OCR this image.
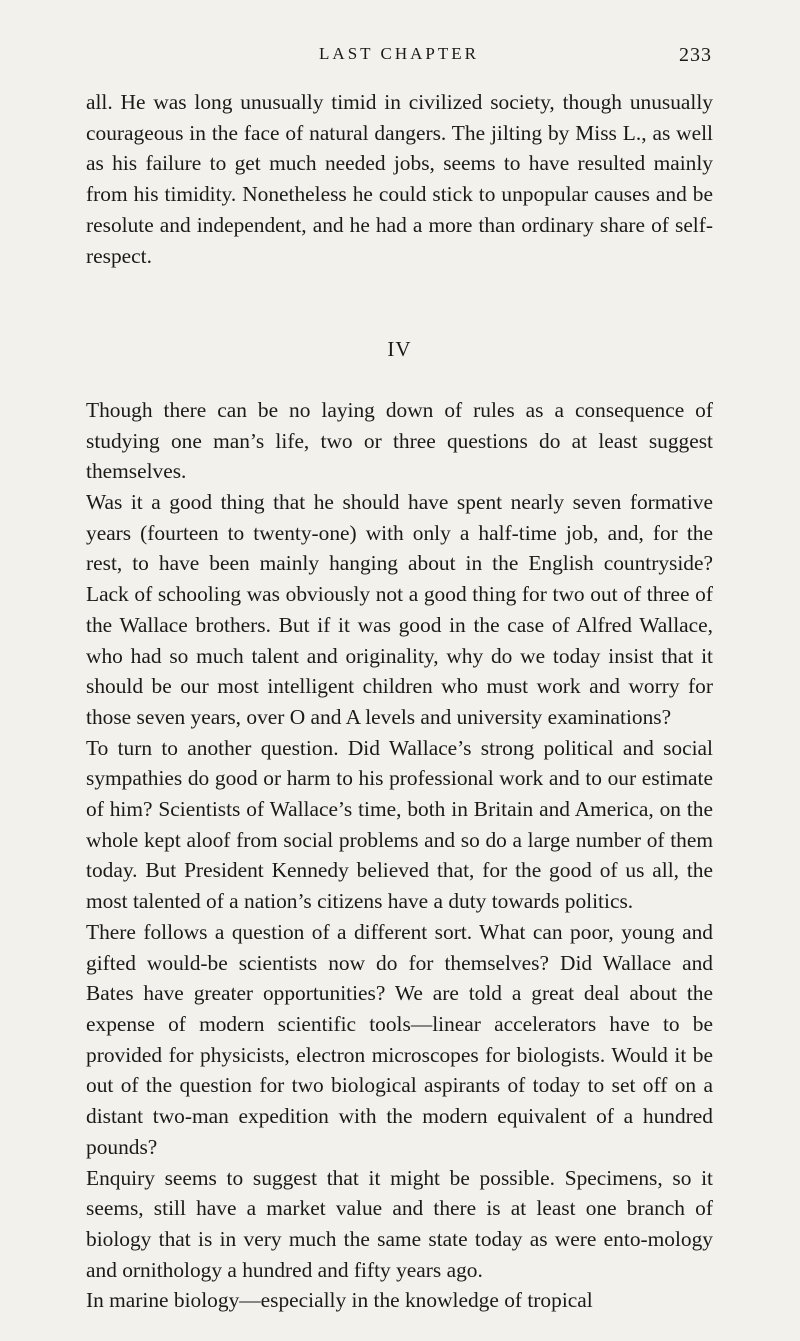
LAST CHAPTER	233

all. He was long unusually timid in civilized society, though unusually courageous in the face of natural dangers. The jilting by Miss L., as well as his failure to get much needed jobs, seems to have resulted mainly from his timidity. Nonetheless he could stick to unpopular causes and be resolute and independent, and he had a more than ordinary share of self-respect.

IV

Though there can be no laying down of rules as a consequence of studying one man’s life, two or three questions do at least suggest themselves.

Was it a good thing that he should have spent nearly seven formative years (fourteen to twenty-one) with only a half-time job, and, for the rest, to have been mainly hanging about in the English countryside? Lack of schooling was obviously not a good thing for two out of three of the Wallace brothers. But if it was good in the case of Alfred Wallace, who had so much talent and originality, why do we today insist that it should be our most intelligent children who must work and worry for those seven years, over O and A levels and university examinations?

To turn to another question. Did Wallace’s strong political and social sympathies do good or harm to his professional work and to our estimate of him? Scientists of Wallace’s time, both in Britain and America, on the whole kept aloof from social problems and so do a large number of them today. But President Kennedy believed that, for the good of us all, the most talented of a nation’s citizens have a duty towards politics.

There follows a question of a different sort. What can poor, young and gifted would-be scientists now do for themselves? Did Wallace and Bates have greater opportunities? We are told a great deal about the expense of modern scientific tools—linear accelerators have to be provided for physicists, electron microscopes for biologists. Would it be out of the question for two biological aspirants of today to set off on a distant two-man expedition with the modern equivalent of a hundred pounds?

Enquiry seems to suggest that it might be possible. Specimens, so it seems, still have a market value and there is at least one branch of biology that is in very much the same state today as were ento-mology and ornithology a hundred and fifty years ago.

In marine biology—especially in the knowledge of tropical
